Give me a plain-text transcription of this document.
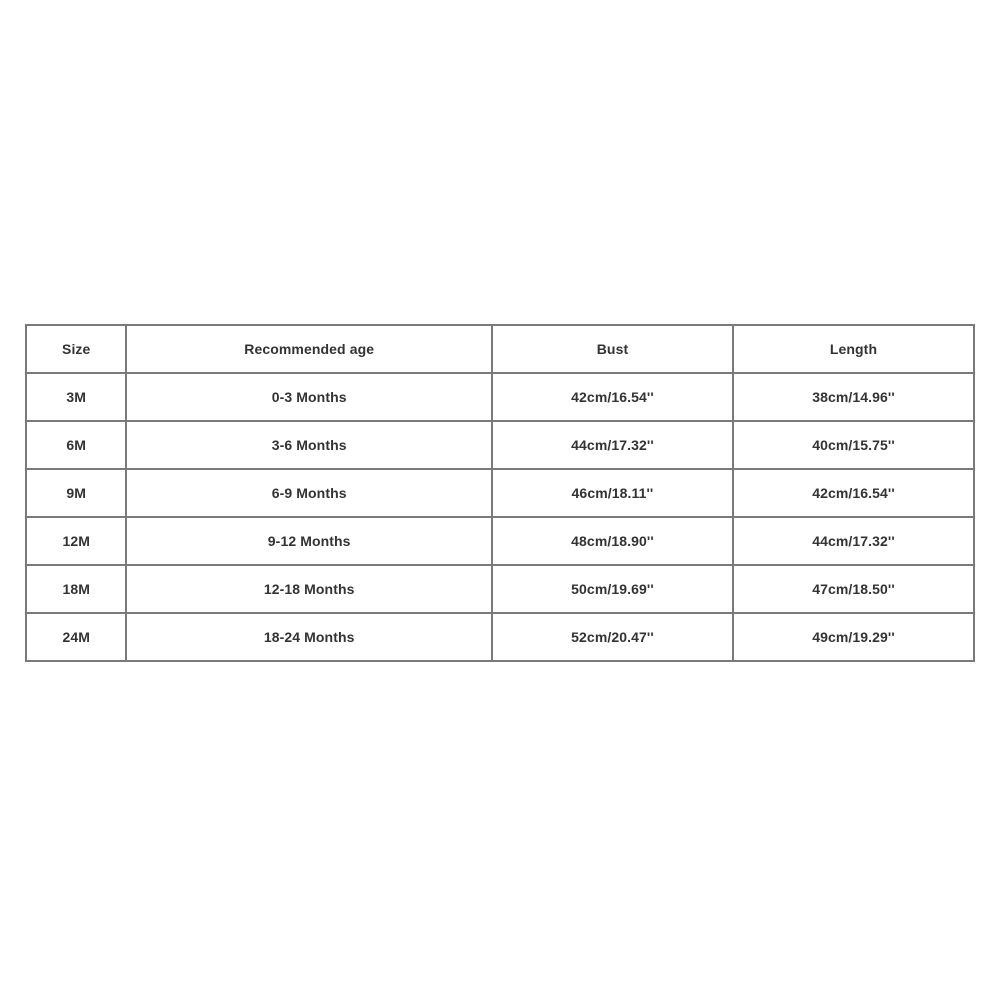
Size	Recommended age	Bust	Length
3M	0-3 Months	42cm/16.54''	38cm/14.96''
6M	3-6 Months	44cm/17.32''	40cm/15.75''
9M	6-9 Months	46cm/18.11''	42cm/16.54''
12M	9-12 Months	48cm/18.90''	44cm/17.32''
18M	12-18 Months	50cm/19.69''	47cm/18.50''
24M	18-24 Months	52cm/20.47''	49cm/19.29''
